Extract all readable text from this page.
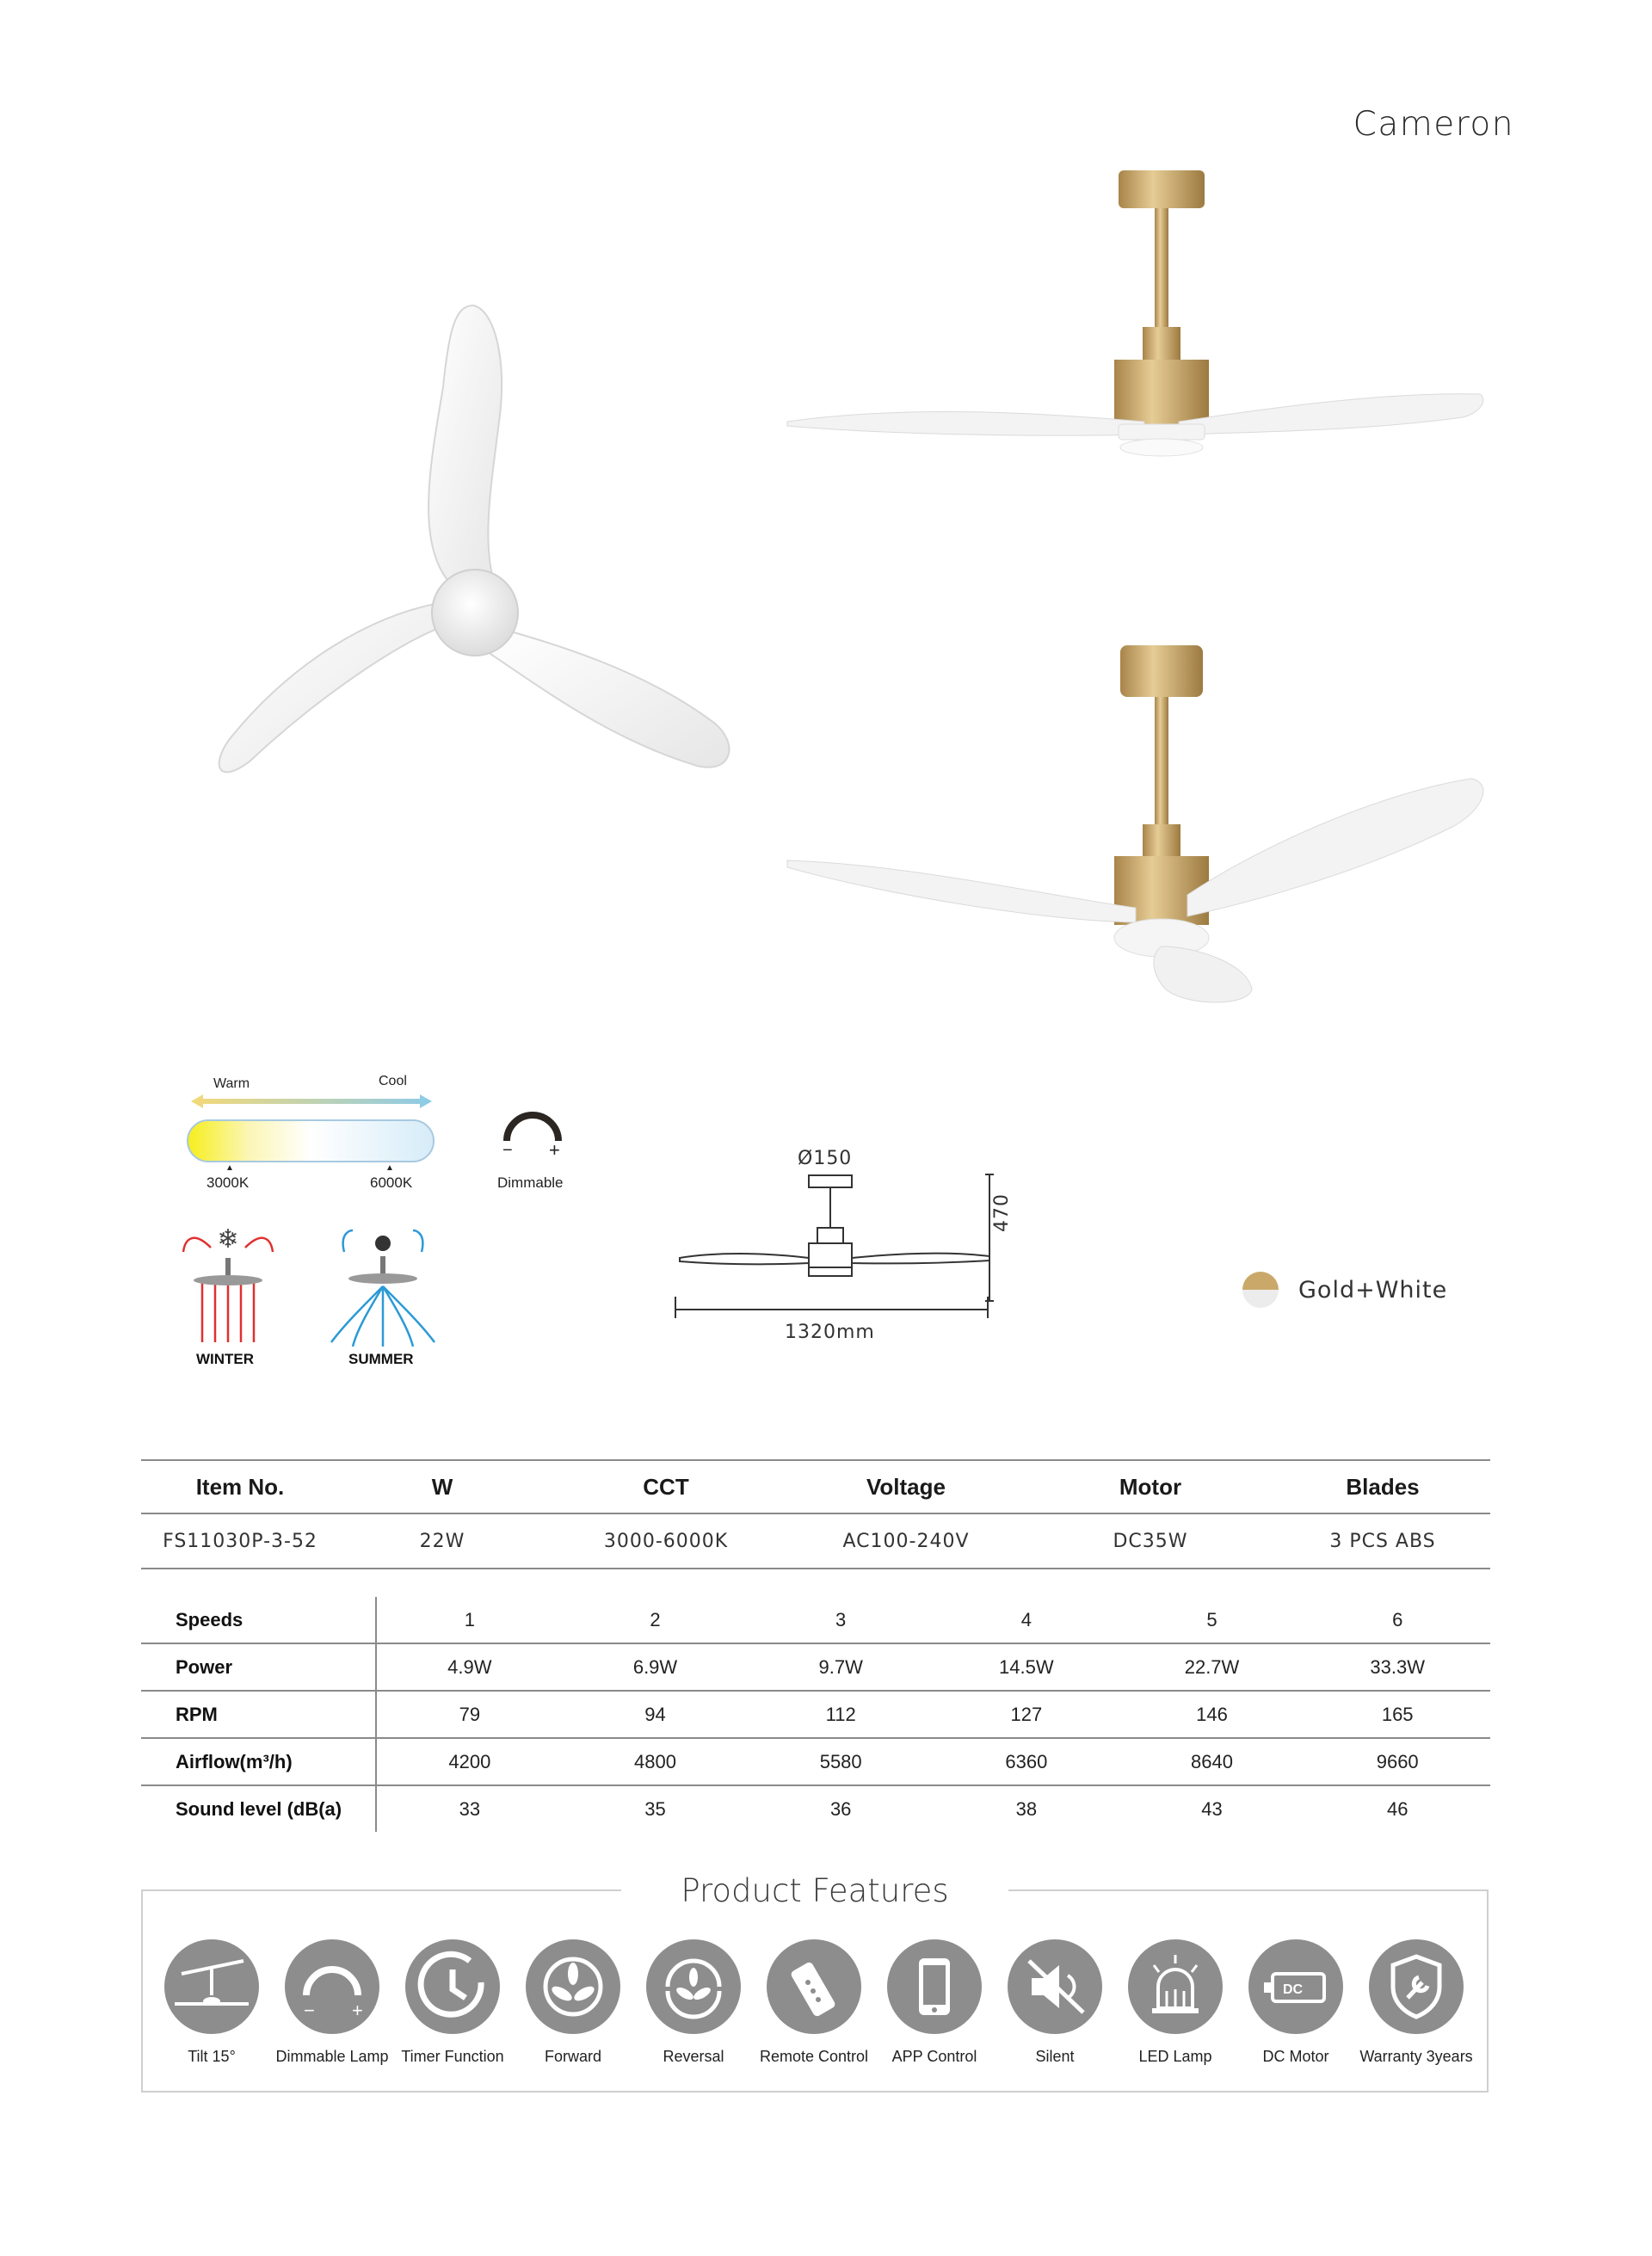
Cameron
Warm	Cool
▲	▲
3000K	6000K
− +
Dimmable
❄
WINTER	SUMMER
Ø150
470
1320mm
Gold+White
Item No.	W	CCT	Voltage	Motor	Blades
FS11030P-3-52	22W	3000-6000K	AC100-240V	DC35W	3 PCS ABS
Speeds	1	2	3	4	5	6
Power	4.9W	6.9W	9.7W	14.5W	22.7W	33.3W
RPM	79	94	112	127	146	165
Airflow(m³/h)	4200	4800	5580	6360	8640	9660
Sound level (dB(a)	33	35	36	38	43	46
Product Features
Tilt 15°
− +
Dimmable Lamp Timer Function	Forward	Reversal	Remote Control	APP Control	Silent	LED Lamp
DC
DC Motor	Warranty 3years
